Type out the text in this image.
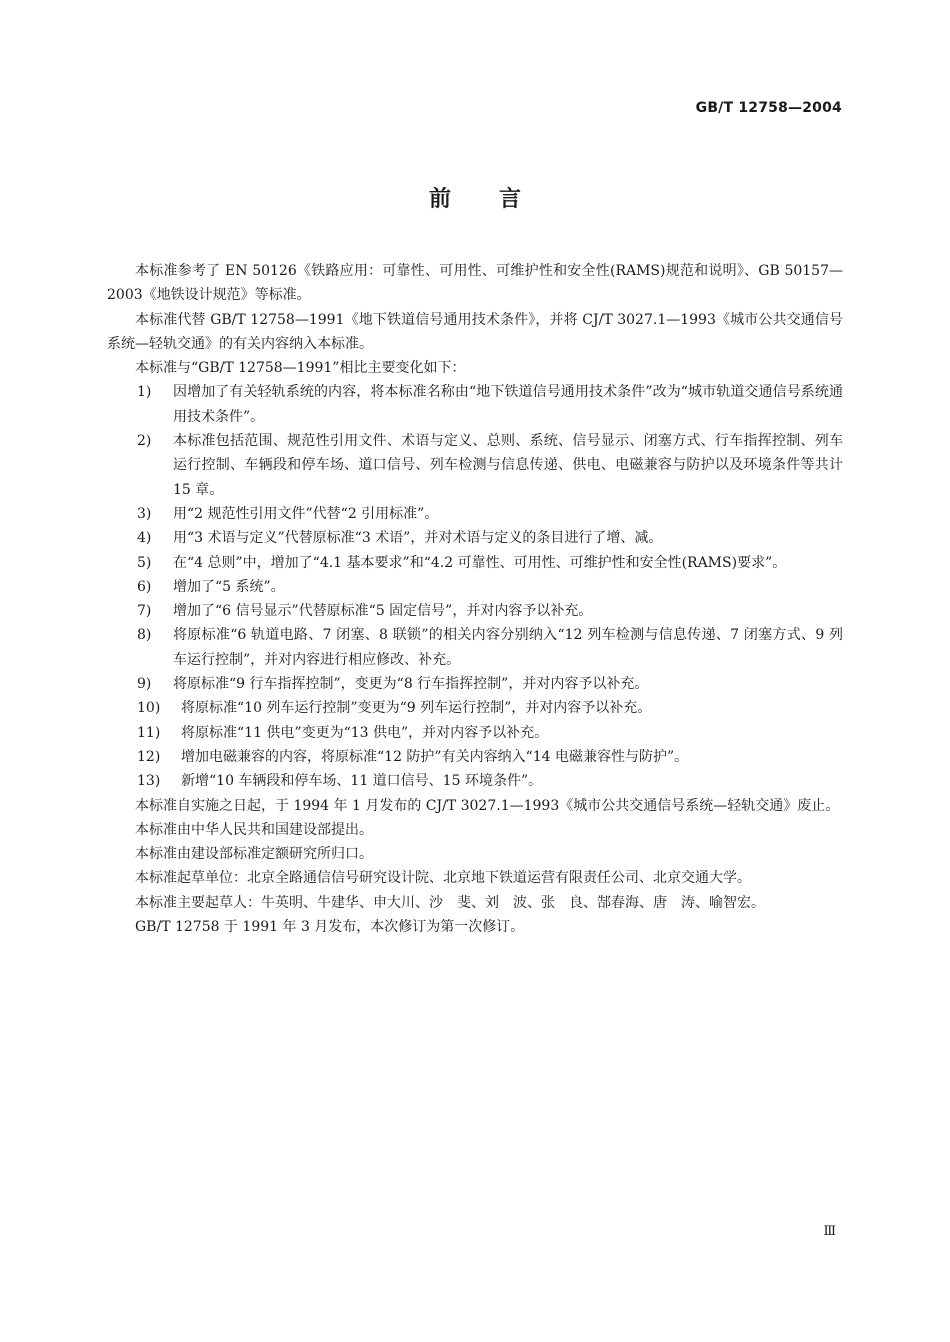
GB/T 12758—2004
前言

本标准参考了 EN 50126《铁路应用：可靠性、可用性、可维护性和安全性(RAMS)规范和说明》、GB 50157—2003《地铁设计规范》等标准。

本标准代替 GB/T 12758—1991《地下铁道信号通用技术条件》，并将 CJ/T 3027.1—1993《城市公共交通信号系统—轻轨交通》的有关内容纳入本标准。

本标准与“GB/T 12758—1991”相比主要变化如下：

1)	因增加了有关轻轨系统的内容，将本标准名称由“地下铁道信号通用技术条件”改为“城市轨道交通信号系统通用技术条件”。
2)	本标准包括范围、规范性引用文件、术语与定义、总则、系统、信号显示、闭塞方式、行车指挥控制、列车运行控制、车辆段和停车场、道口信号、列车检测与信息传递、供电、电磁兼容与防护以及环境条件等共计 15 章。
3)	用“2 规范性引用文件”代替“2 引用标准”。
4)	用“3 术语与定义”代替原标准“3 术语”，并对术语与定义的条目进行了增、减。
5)	在“4 总则”中，增加了“4.1 基本要求”和“4.2 可靠性、可用性、可维护性和安全性(RAMS)要求”。
6)	增加了“5 系统”。
7)	增加了“6 信号显示”代替原标准“5 固定信号”，并对内容予以补充。
8)	将原标准“6 轨道电路、7 闭塞、8 联锁”的相关内容分别纳入“12 列车检测与信息传递、7 闭塞方式、9 列车运行控制”，并对内容进行相应修改、补充。
9)	将原标准“9 行车指挥控制”，变更为“8 行车指挥控制”，并对内容予以补充。
10)	将原标准“10 列车运行控制”变更为“9 列车运行控制”，并对内容予以补充。
11)	将原标准“11 供电”变更为“13 供电”，并对内容予以补充。
12)	增加电磁兼容的内容，将原标准“12 防护”有关内容纳入“14 电磁兼容性与防护”。
13)	新增“10 车辆段和停车场、11 道口信号、15 环境条件”。

本标准自实施之日起，于 1994 年 1 月发布的 CJ/T 3027.1—1993《城市公共交通信号系统—轻轨交通》废止。

本标准由中华人民共和国建设部提出。

本标准由建设部标准定额研究所归口。

本标准起草单位：北京全路通信信号研究设计院、北京地下铁道运营有限责任公司、北京交通大学。

本标准主要起草人：牛英明、牛建华、申大川、沙　斐、刘　波、张　良、郜春海、唐　涛、喻智宏。

GB/T 12758 于 1991 年 3 月发布，本次修订为第一次修订。

Ⅲ
